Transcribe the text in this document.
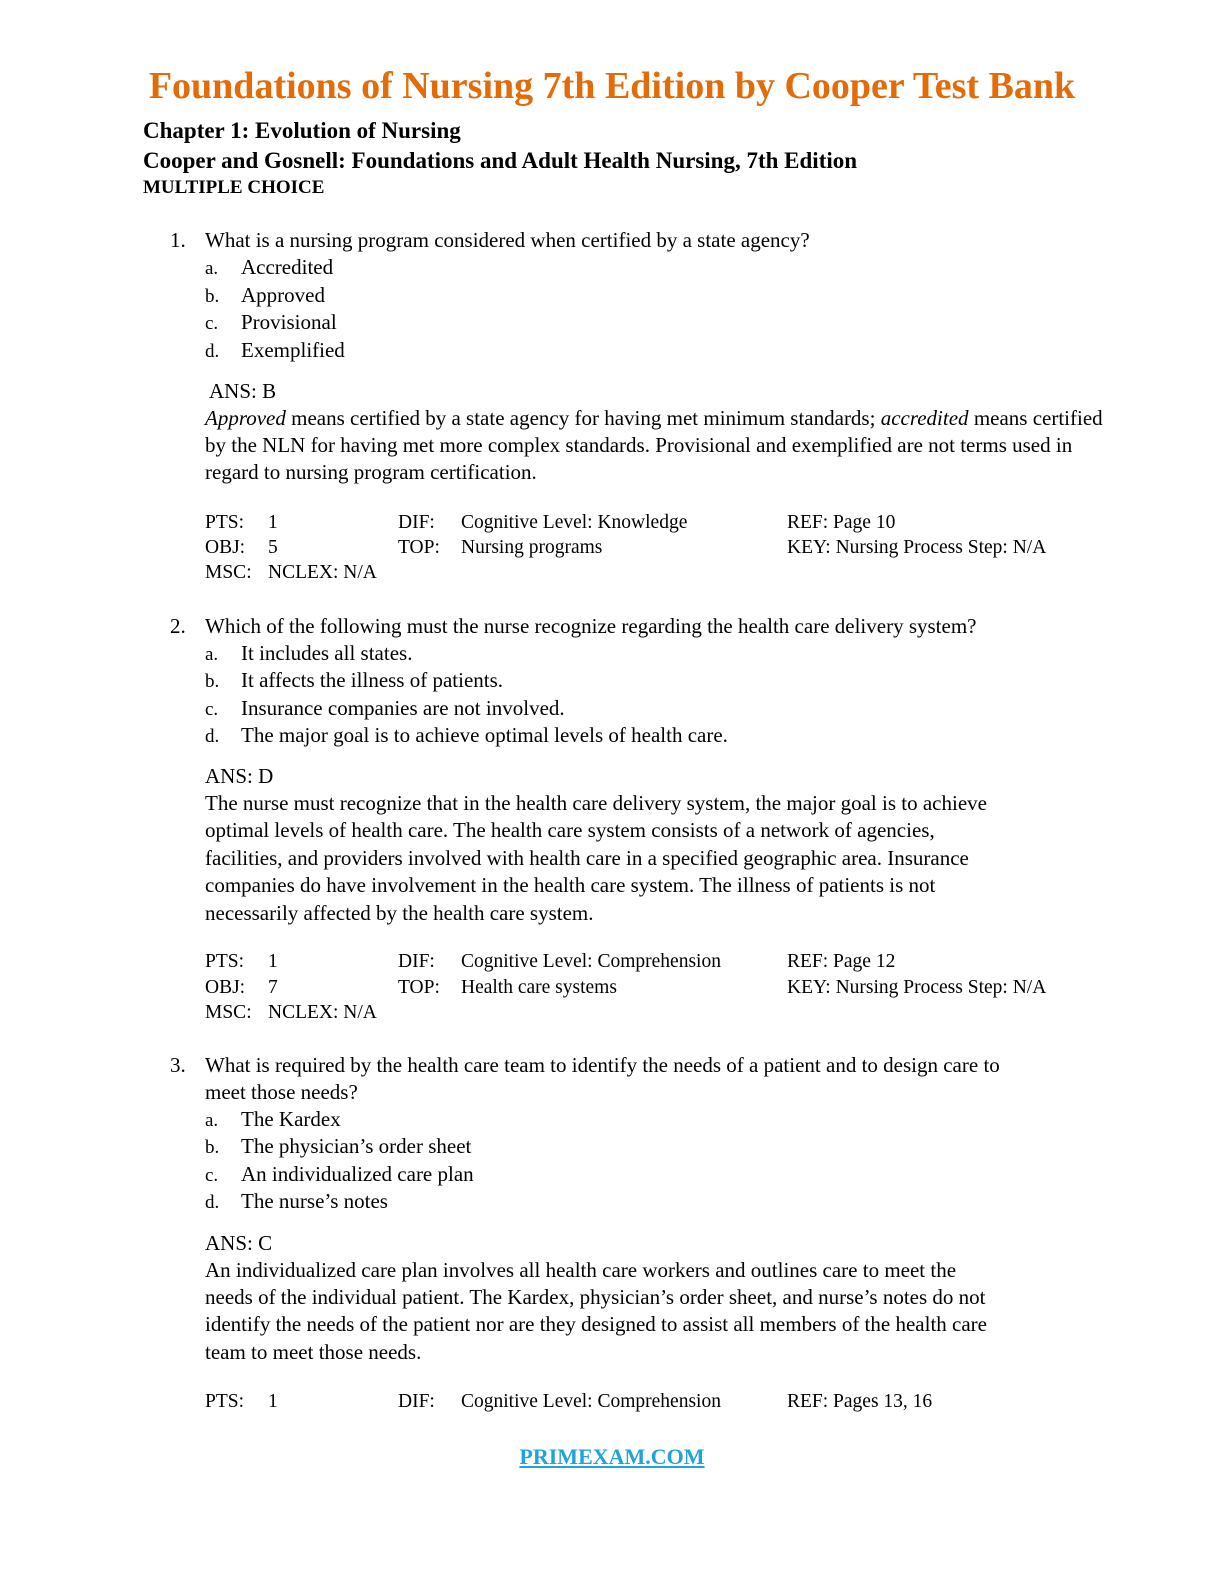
Foundations of Nursing 7th Edition by Cooper Test Bank
Chapter 1: Evolution of Nursing
Cooper and Gosnell: Foundations and Adult Health Nursing, 7th Edition
MULTIPLE CHOICE
1. What is a nursing program considered when certified by a state agency?
a. Accredited
b. Approved
c. Provisional
d. Exemplified
ANS: B
Approved means certified by a state agency for having met minimum standards; accredited means certified by the NLN for having met more complex standards. Provisional and exemplified are not terms used in regard to nursing program certification.
PTS: 1	DIF: Cognitive Level: Knowledge	REF: Page 10
OBJ: 5	TOP: Nursing programs	KEY: Nursing Process Step: N/A
MSC: NCLEX: N/A
2. Which of the following must the nurse recognize regarding the health care delivery system?
a. It includes all states.
b. It affects the illness of patients.
c. Insurance companies are not involved.
d. The major goal is to achieve optimal levels of health care.
ANS: D
The nurse must recognize that in the health care delivery system, the major goal is to achieve
optimal levels of health care. The health care system consists of a network of agencies,
facilities, and providers involved with health care in a specified geographic area. Insurance
companies do have involvement in the health care system. The illness of patients is not
necessarily affected by the health care system.
PTS: 1	DIF: Cognitive Level: Comprehension	REF: Page 12
OBJ: 7	TOP: Health care systems	KEY: Nursing Process Step: N/A
MSC: NCLEX: N/A
3. What is required by the health care team to identify the needs of a patient and to design care to
meet those needs?
a. The Kardex
b. The physician’s order sheet
c. An individualized care plan
d. The nurse’s notes
ANS: C
An individualized care plan involves all health care workers and outlines care to meet the
needs of the individual patient. The Kardex, physician’s order sheet, and nurse’s notes do not
identify the needs of the patient nor are they designed to assist all members of the health care
team to meet those needs.
PTS: 1	DIF: Cognitive Level: Comprehension	REF: Pages 13, 16
PRIMEXAM.COM
